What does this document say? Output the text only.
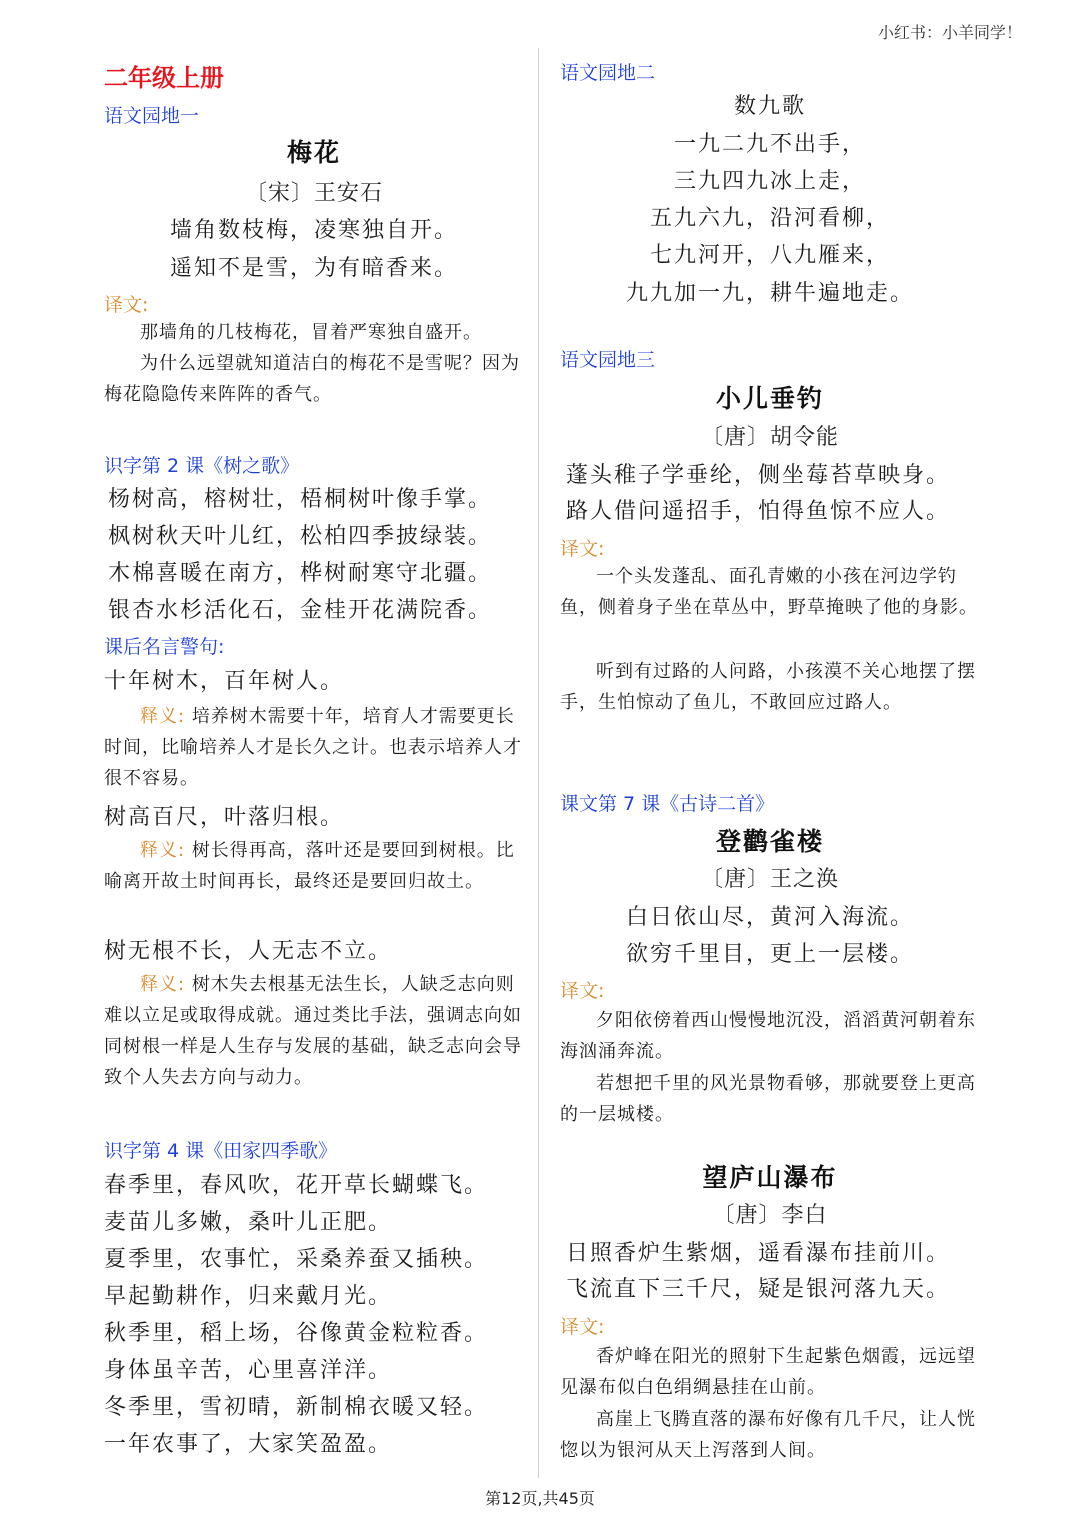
小红书：小羊同学！
二年级上册
语文园地一
梅花
〔宋〕王安石
墙角数枝梅，凌寒独自开。
遥知不是雪，为有暗香来。
译文:
那墙角的几枝梅花，冒着严寒独自盛开。
为什么远望就知道洁白的梅花不是雪呢？因为梅花隐隐传来阵阵的香气。
识字第 2 课《树之歌》
杨树高，榕树壮，梧桐树叶像手掌。
枫树秋天叶儿红，松柏四季披绿装。
木棉喜暖在南方，桦树耐寒守北疆。
银杏水杉活化石，金桂开花满院香。
课后名言警句:
十年树木，百年树人。
释义: 培养树木需要十年，培育人才需要更长时间，比喻培养人才是长久之计。也表示培养人才很不容易。
树高百尺，叶落归根。
释义: 树长得再高，落叶还是要回到树根。比喻离开故土时间再长，最终还是要回归故土。
树无根不长，人无志不立。
释义: 树木失去根基无法生长，人缺乏志向则难以立足或取得成就。通过类比手法，强调志向如同树根一样是人生存与发展的基础，缺乏志向会导致个人失去方向与动力。
识字第 4 课《田家四季歌》
春季里，春风吹，花开草长蝴蝶飞。
麦苗儿多嫩，桑叶儿正肥。
夏季里，农事忙，采桑养蚕又插秧。
早起勤耕作，归来戴月光。
秋季里，稻上场，谷像黄金粒粒香。
身体虽辛苦，心里喜洋洋。
冬季里，雪初晴，新制棉衣暖又轻。
一年农事了，大家笑盈盈。
语文园地二
数九歌
一九二九不出手，
三九四九冰上走，
五九六九，沿河看柳，
七九河开，八九雁来，
九九加一九，耕牛遍地走。
语文园地三
小儿垂钓
〔唐〕胡令能
蓬头稚子学垂纶，侧坐莓苔草映身。
路人借问遥招手，怕得鱼惊不应人。
译文:
一个头发蓬乱、面孔青嫩的小孩在河边学钓鱼，侧着身子坐在草丛中，野草掩映了他的身影。
听到有过路的人问路，小孩漠不关心地摆了摆手，生怕惊动了鱼儿，不敢回应过路人。
课文第 7 课《古诗二首》
登鹳雀楼
〔唐〕王之涣
白日依山尽，黄河入海流。
欲穷千里目，更上一层楼。
译文:
夕阳依傍着西山慢慢地沉没，滔滔黄河朝着东海汹涌奔流。
若想把千里的风光景物看够，那就要登上更高的一层城楼。
望庐山瀑布
〔唐〕李白
日照香炉生紫烟，遥看瀑布挂前川。
飞流直下三千尺，疑是银河落九天。
译文:
香炉峰在阳光的照射下生起紫色烟霞，远远望见瀑布似白色绢绸悬挂在山前。
高崖上飞腾直落的瀑布好像有几千尺，让人恍惚以为银河从天上泻落到人间。
第12页,共45页
